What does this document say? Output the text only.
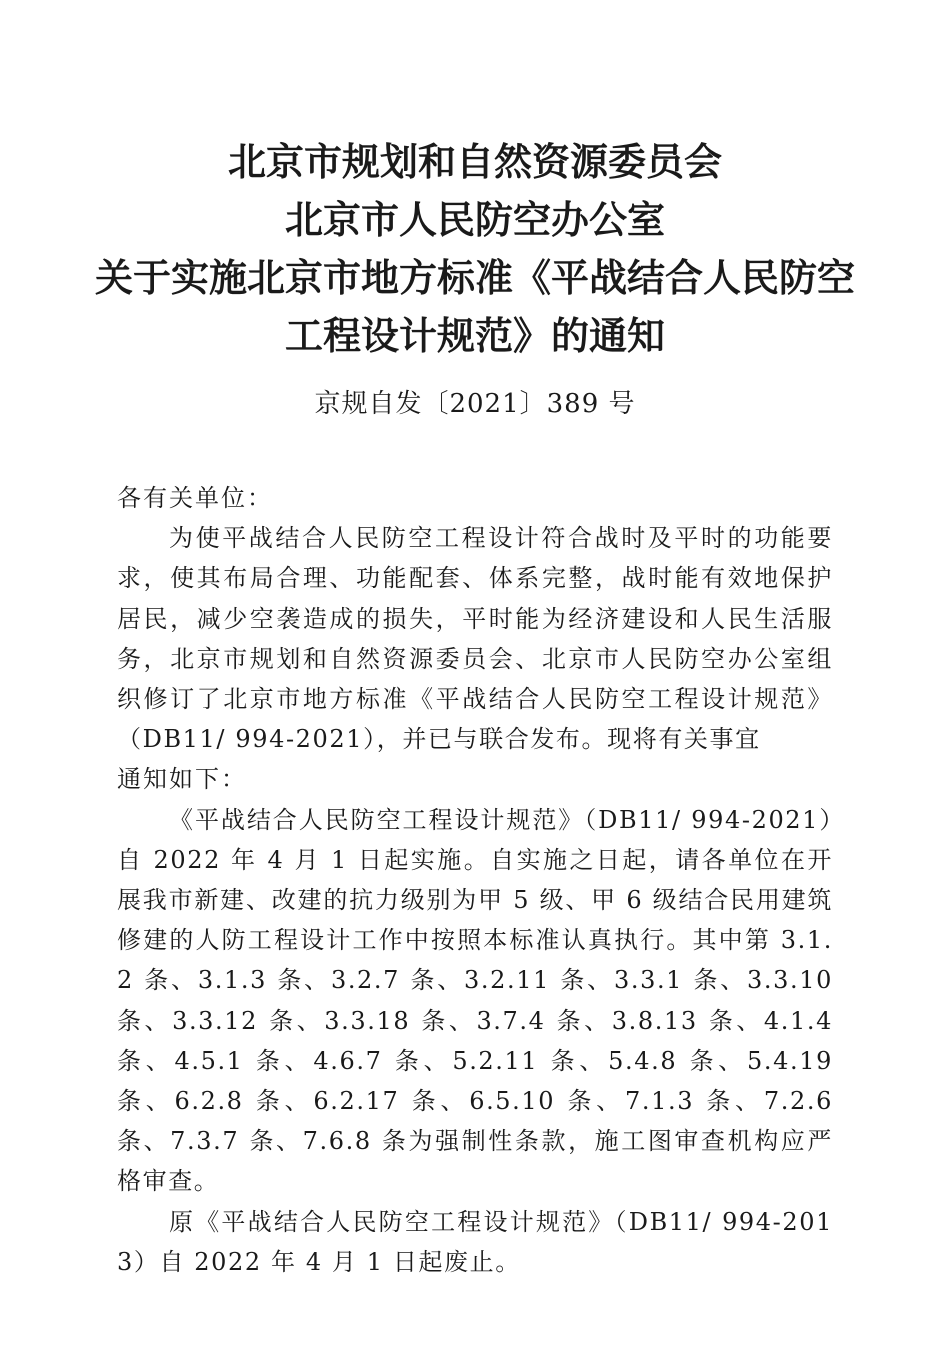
北京市规划和自然资源委员会
北京市人民防空办公室
关于实施北京市地方标准《平战结合人民防空
工程设计规范》的通知
京规自发〔2021〕389 号
各有关单位：

为使平战结合人民防空工程设计符合战时及平时的功能要求，使其布局合理、功能配套、体系完整，战时能有效地保护居民，减少空袭造成的损失，平时能为经济建设和人民生活服务，北京市规划和自然资源委员会、北京市人民防空办公室组织修订了北京市地方标准《平战结合人民防空工程设计规范》（DB11/ 994-2021），并已与联合发布。现将有关事宜

通知如下：

《平战结合人民防空工程设计规范》（DB11/ 994-2021）自 2022 年 4 月 1 日起实施。自实施之日起，请各单位在开展我市新建、改建的抗力级别为甲 5 级、甲 6 级结合民用建筑修建的人防工程设计工作中按照本标准认真执行。其中第 3.1.2 条、3.1.3 条、3.2.7 条、3.2.11 条、3.3.1 条、3.3.10 条、3.3.12 条、3.3.18 条、3.7.4 条、3.8.13 条、4.1.4 条、4.5.1 条、4.6.7 条、5.2.11 条、5.4.8 条、5.4.19 条、6.2.8 条、6.2.17 条、6.5.10 条、7.1.3 条、7.2.6 条、7.3.7 条、7.6.8 条为强制性条款，施工图审查机构应严格审查。

原《平战结合人民防空工程设计规范》（DB11/ 994-2013）自 2022 年 4 月 1 日起废止。
